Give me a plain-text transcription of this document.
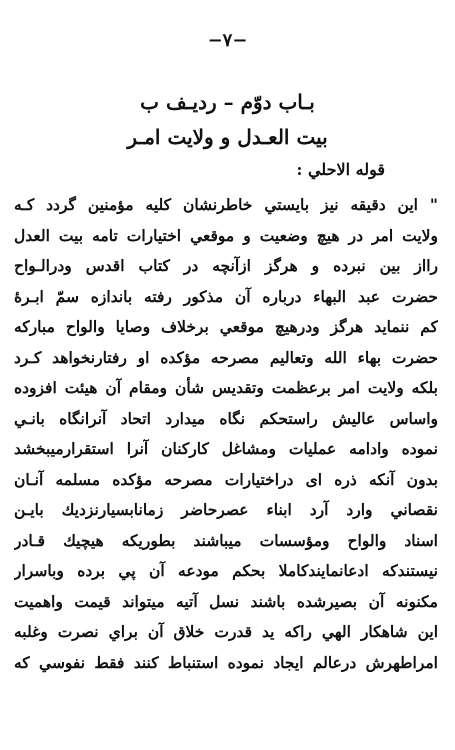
−٧−
بـاب دوّم – رديـف ب
بيت العـدل و ولايت امـر
قوله الاحلي :
" اين دقيقه نيز بايستي خاطرنشان كليه مؤمنين گردد كـه
ولايت امر در هيچ وضعيت و موقعي اختيارات تامه بيت العدل
رااز بين نبرده و هرگز ازآنچه در كتاب اقدس ودرالـواح
حضرت عبد البهاء درباره آن مذكور رفته باندازه سمّ ابـرهٔ
كم ننمايد هرگز ودرهيچ موقعي برخلاف وصايا والواح مباركه
حضرت بهاء الله وتعاليم مصرحه مؤكده او رفتارنخواهد كـرد
بلكه ولايت امر برعظمت وتقديس شأن ومقام آن هيئت افزوده
واساس عاليش راستحكم نگاه ميدارد اتحاد آنرانگاه بانـي
نموده وادامه عمليات ومشاغل كاركنان آنرا استقرارميبخشد
بدون آنكه ذره اى دراختيارات مصرحه مؤكده مسلمه آنـان
نقصاني وارد آرد ابناء عصرحاضر زمانابسيارنزديك بايـن
اسناد والواح ومؤسسات ميباشند بطوريكه هيچيك قـادر
نيستندكه ادعانمايندكاملا بحكم مودعه آن پي برده وباسرار
مكنونه آن بصيرشده باشند نسل آتيه ميتواند قيمت واهميت
اين شاهكار الهي راكه يد قدرت خلاق آن براي نصرت وغلبه
امراطهرش درعالم ايجاد نموده استنباط كنند فقط نفوسي كه
